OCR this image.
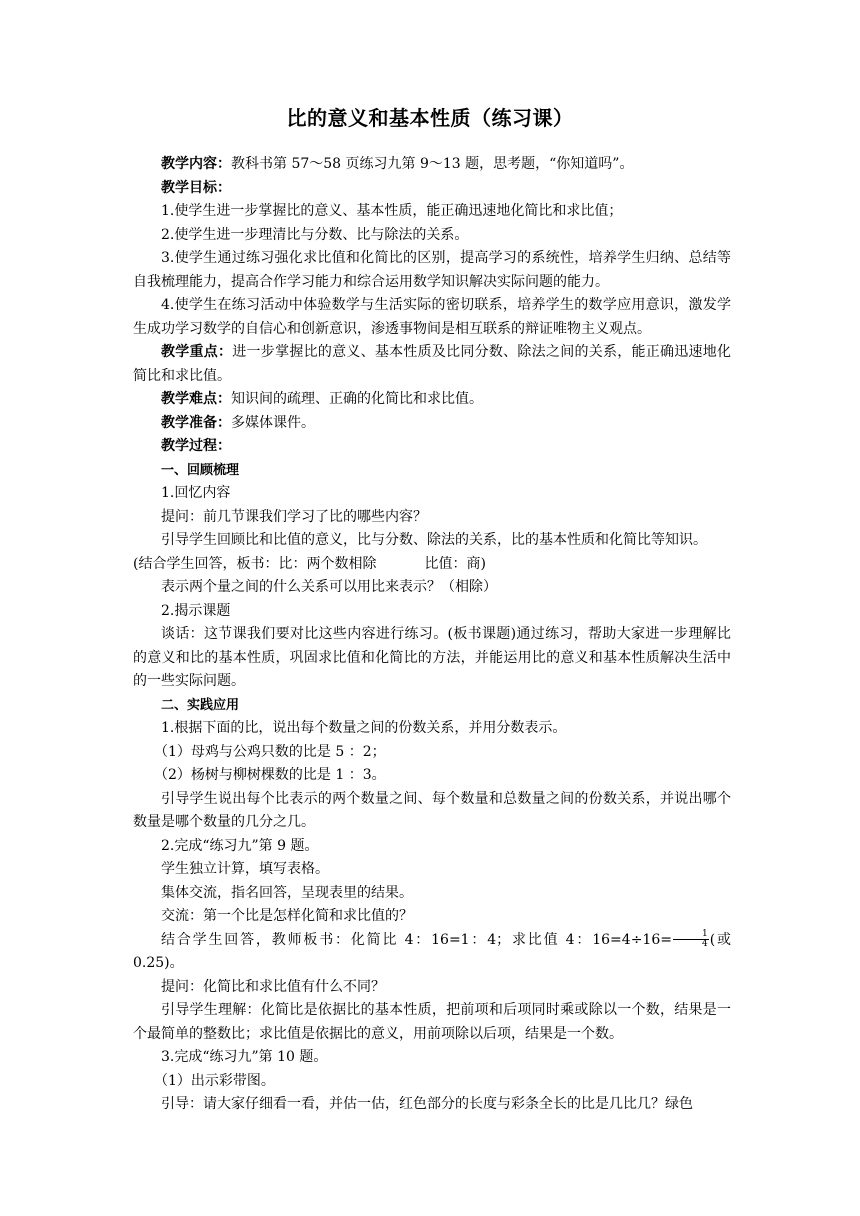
比的意义和基本性质（练习课）

教学内容：教科书第 57～58 页练习九第 9～13 题，思考题，“你知道吗”。

教学目标：

1.使学生进一步掌握比的意义、基本性质，能正确迅速地化简比和求比值；

2.使学生进一步理清比与分数、比与除法的关系。

3.使学生通过练习强化求比值和化简比的区别，提高学习的系统性，培养学生归纳、总结等自我梳理能力，提高合作学习能力和综合运用数学知识解决实际问题的能力。

4.使学生在练习活动中体验数学与生活实际的密切联系，培养学生的数学应用意识，激发学生成功学习数学的自信心和创新意识，渗透事物间是相互联系的辩证唯物主义观点。

教学重点：进一步掌握比的意义、基本性质及比同分数、除法之间的关系，能正确迅速地化简比和求比值。

教学难点：知识间的疏理、正确的化简比和求比值。

教学准备：多媒体课件。

教学过程：

一、回顾梳理

1.回忆内容

提问：前几节课我们学习了比的哪些内容？

引导学生回顾比和比值的意义，比与分数、除法的关系，比的基本性质和化简比等知识。

(结合学生回答，板书：比：两个数相除	比值：商)

表示两个量之间的什么关系可以用比来表示？（相除）

2.揭示课题

谈话：这节课我们要对比这些内容进行练习。(板书课题)通过练习，帮助大家进一步理解比的意义和比的基本性质，巩固求比值和化简比的方法，并能运用比的意义和基本性质解决生活中的一些实际问题。

二、实践应用

1.根据下面的比，说出每个数量之间的份数关系，并用分数表示。

（1）母鸡与公鸡只数的比是 5 ：2；

（2）杨树与柳树棵数的比是 1 ：3。

引导学生说出每个比表示的两个数量之间、每个数量和总数量之间的份数关系，并说出哪个数量是哪个数量的几分之几。

2.完成“练习九”第 9 题。

学生独立计算，填写表格。

集体交流，指名回答，呈现表里的结果。

交流：第一个比是怎样化简和求比值的？

结合学生回答，教师板书：化简比 4：16=1：4；求比值 4：$16=4\div 16= \frac{1}{4}$ (或 0.25)。

提问：化简比和求比值有什么不同？

引导学生理解：化简比是依据比的基本性质，把前项和后项同时乘或除以一个数，结果是一个最简单的整数比；求比值是依据比的意义，用前项除以后项，结果是一个数。

3.完成“练习九”第 10 题。

（1）出示彩带图。

引导：请大家仔细看一看，并估一估，红色部分的长度与彩条全长的比是几比几？绿色
